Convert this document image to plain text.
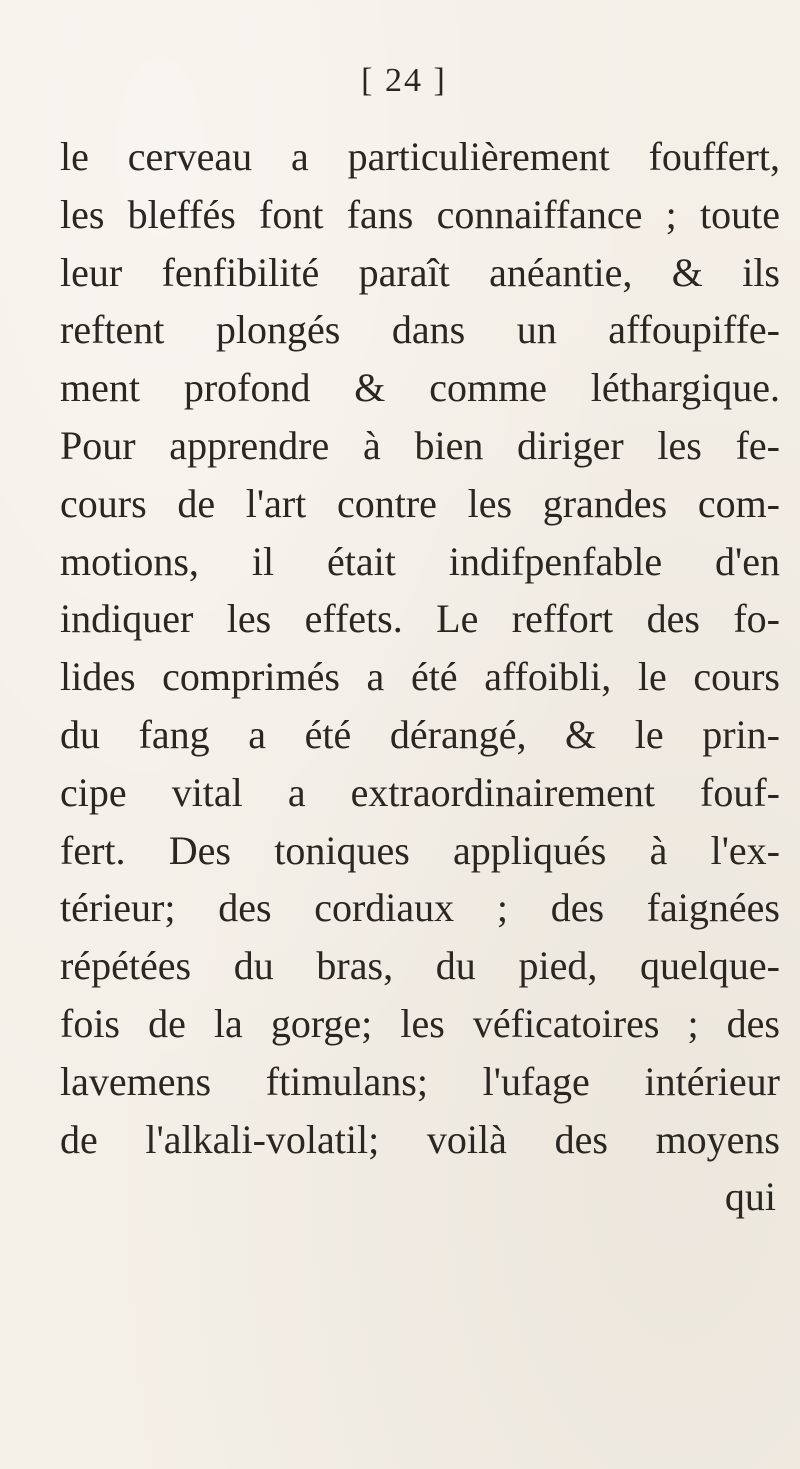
[ 24 ]
le cerveau a particulièrement fouffert,
les bleffés font fans connaiffance ; toute
leur fenfibilité paraît anéantie, & ils
reftent plongés dans un affoupiffe-
ment profond & comme léthargique.
Pour apprendre à bien diriger les fe-
cours de l'art contre les grandes com-
motions, il était indifpenfable d'en
indiquer les effets. Le reffort des fo-
lides comprimés a été affoibli, le cours
du fang a été dérangé, & le prin-
cipe vital a extraordinairement fouf-
fert. Des toniques appliqués à l'ex-
térieur; des cordiaux ; des faignées
répétées du bras, du pied, quelque-
fois de la gorge; les véficatoires ; des
lavemens ftimulans; l'ufage intérieur
de l'alkali-volatil; voilà des moyens
qui
